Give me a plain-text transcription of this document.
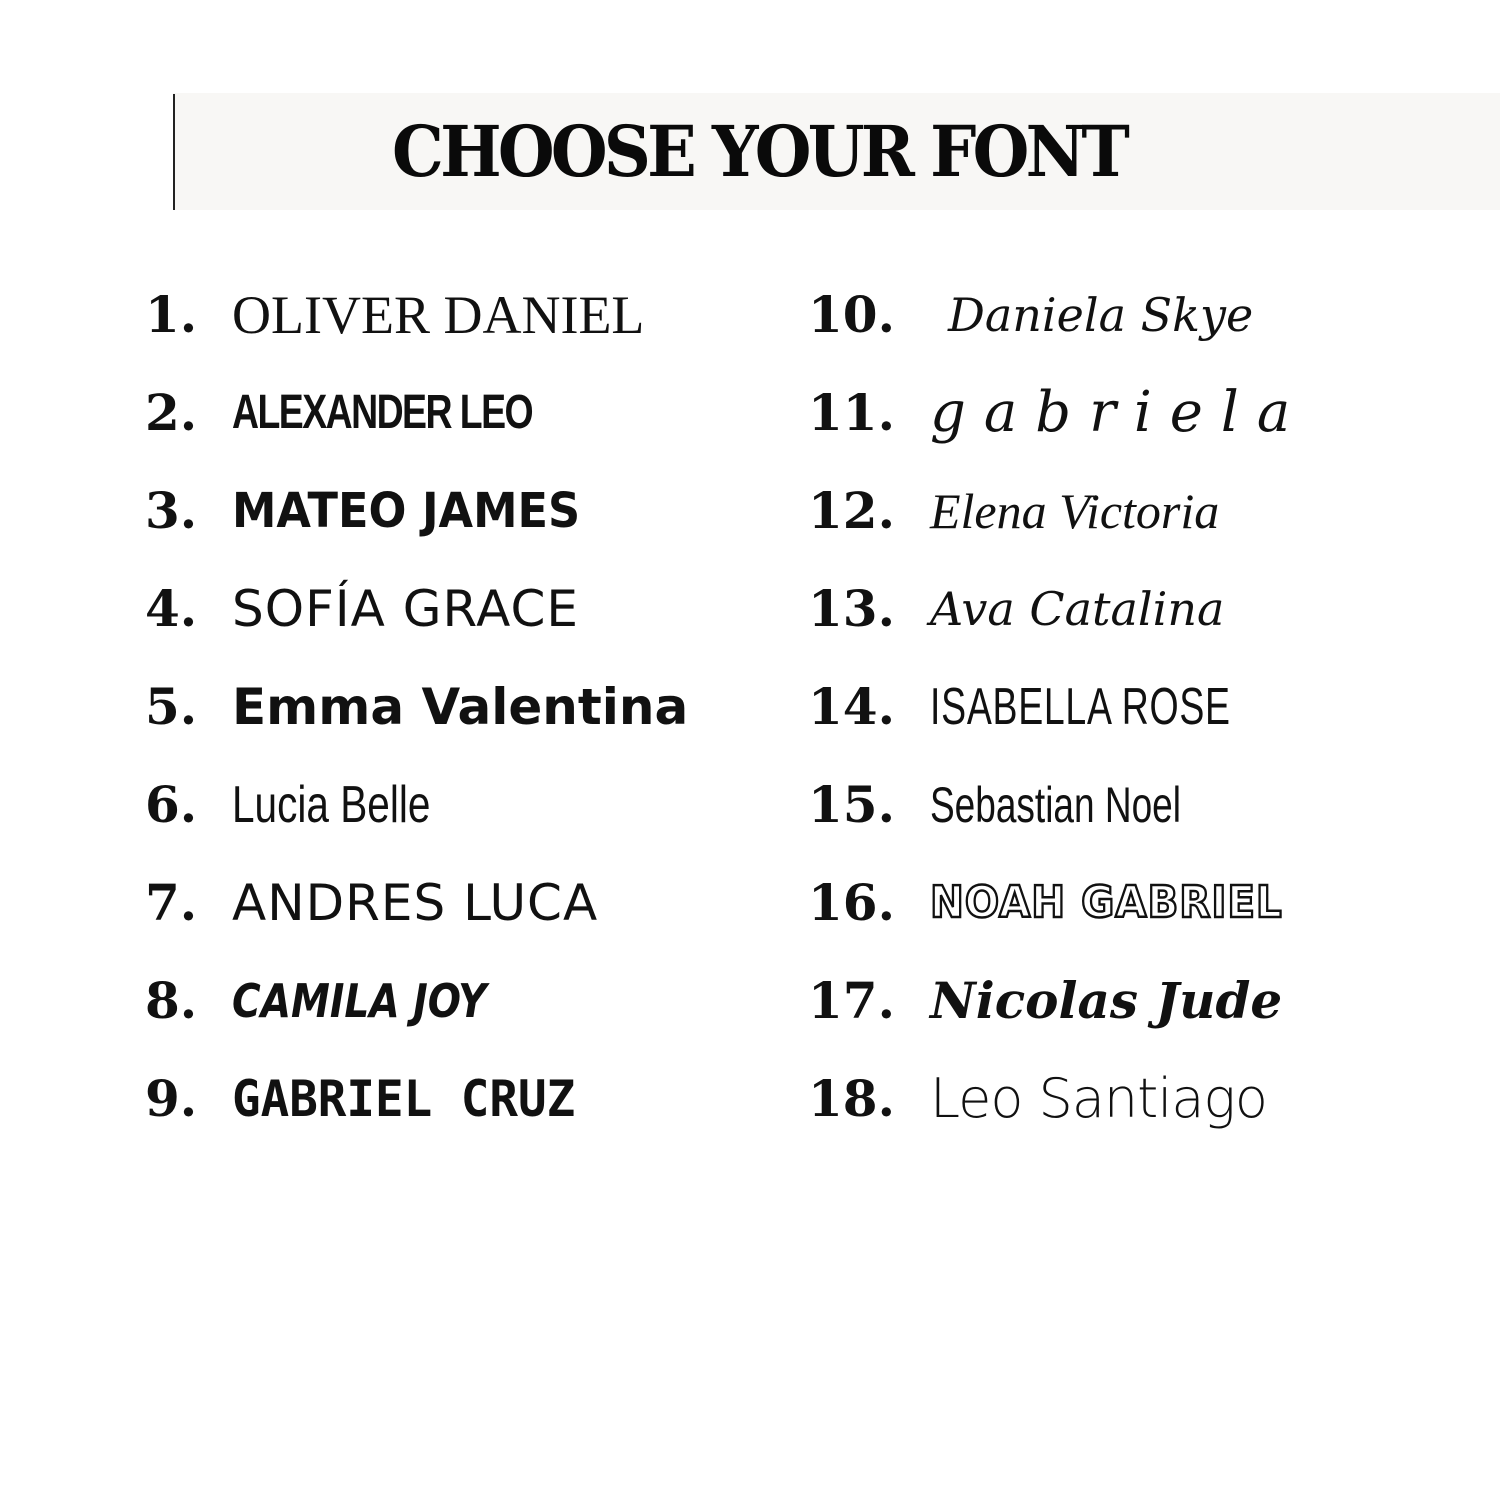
CHOOSE YOUR FONT
1. OLIVER DANIEL
2. ALEXANDER LEO
3. MATEO JAMES
4. SOFÍA GRACE
5. Emma Valentina
6. Lucia Belle
7. ANDRES LUCA
8. CAMILA JOY
9. GABRIEL CRUZ
10. Daniela Skye
11. gabriela
12. Elena Victoria
13. Ava Catalina
14. ISABELLA ROSE
15. Sebastian Noel
16. NOAH GABRIEL
17. Nicolas Jude
18. Leo Santiago
